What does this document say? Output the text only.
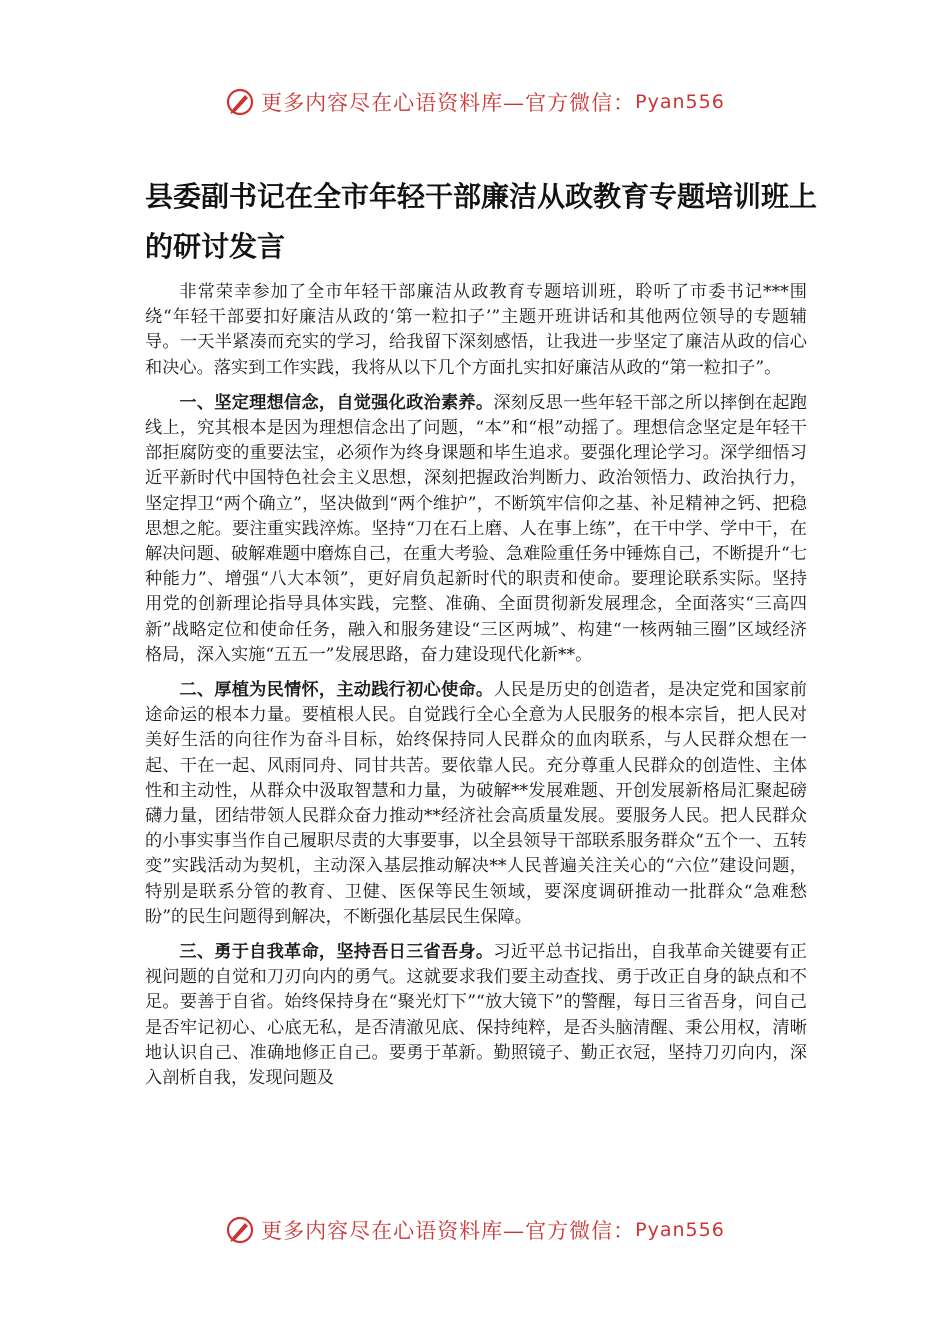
更多内容尽在心语资料库—官方微信： Pyan556
县委副书记在全市年轻干部廉洁从政教育专题培训班上的研讨发言

非常荣幸参加了全市年轻干部廉洁从政教育专题培训班，聆听了市委书记***围绕“年轻干部要扣好廉洁从政的‘第一粒扣子’”主题开班讲话和其他两位领导的专题辅导。一天半紧凑而充实的学习，给我留下深刻感悟，让我进一步坚定了廉洁从政的信心和决心。落实到工作实践，我将从以下几个方面扎实扣好廉洁从政的“第一粒扣子”。

一、坚定理想信念，自觉强化政治素养。深刻反思一些年轻干部之所以摔倒在起跑线上，究其根本是因为理想信念出了问题，“本”和“根”动摇了。理想信念坚定是年轻干部拒腐防变的重要法宝，必须作为终身课题和毕生追求。要强化理论学习。深学细悟习近平新时代中国特色社会主义思想，深刻把握政治判断力、政治领悟力、政治执行力，坚定捍卫“两个确立”，坚决做到“两个维护”，不断筑牢信仰之基、补足精神之钙、把稳思想之舵。要注重实践淬炼。坚持“刀在石上磨、人在事上练”，在干中学、学中干，在解决问题、破解难题中磨炼自己，在重大考验、急难险重任务中锤炼自己，不断提升“七种能力”、增强“八大本领”，更好肩负起新时代的职责和使命。要理论联系实际。坚持用党的创新理论指导具体实践，完整、准确、全面贯彻新发展理念，全面落实“三高四新”战略定位和使命任务，融入和服务建设“三区两城”、构建“一核两轴三圈”区域经济格局，深入实施“五五一”发展思路，奋力建设现代化新**。

二、厚植为民情怀，主动践行初心使命。人民是历史的创造者，是决定党和国家前途命运的根本力量。要植根人民。自觉践行全心全意为人民服务的根本宗旨，把人民对美好生活的向往作为奋斗目标，始终保持同人民群众的血肉联系，与人民群众想在一起、干在一起、风雨同舟、同甘共苦。要依靠人民。充分尊重人民群众的创造性、主体性和主动性，从群众中汲取智慧和力量，为破解**发展难题、开创发展新格局汇聚起磅礴力量，团结带领人民群众奋力推动**经济社会高质量发展。要服务人民。把人民群众的小事实事当作自己履职尽责的大事要事，以全县领导干部联系服务群众“五个一、五转变”实践活动为契机，主动深入基层推动解决**人民普遍关注关心的“六位”建设问题，特别是联系分管的教育、卫健、医保等民生领域，要深度调研推动一批群众“急难愁盼”的民生问题得到解决，不断强化基层民生保障。

三、勇于自我革命，坚持吾日三省吾身。习近平总书记指出，自我革命关键要有正视问题的自觉和刀刃向内的勇气。这就要求我们要主动查找、勇于改正自身的缺点和不足。要善于自省。始终保持身在“聚光灯下”“放大镜下”的警醒，每日三省吾身，问自己是否牢记初心、心底无私，是否清澈见底、保持纯粹，是否头脑清醒、秉公用权，清晰地认识自己、准确地修正自己。要勇于革新。勤照镜子、勤正衣冠，坚持刀刃向内，深入剖析自我，发现问题及

更多内容尽在心语资料库—官方微信： Pyan556
